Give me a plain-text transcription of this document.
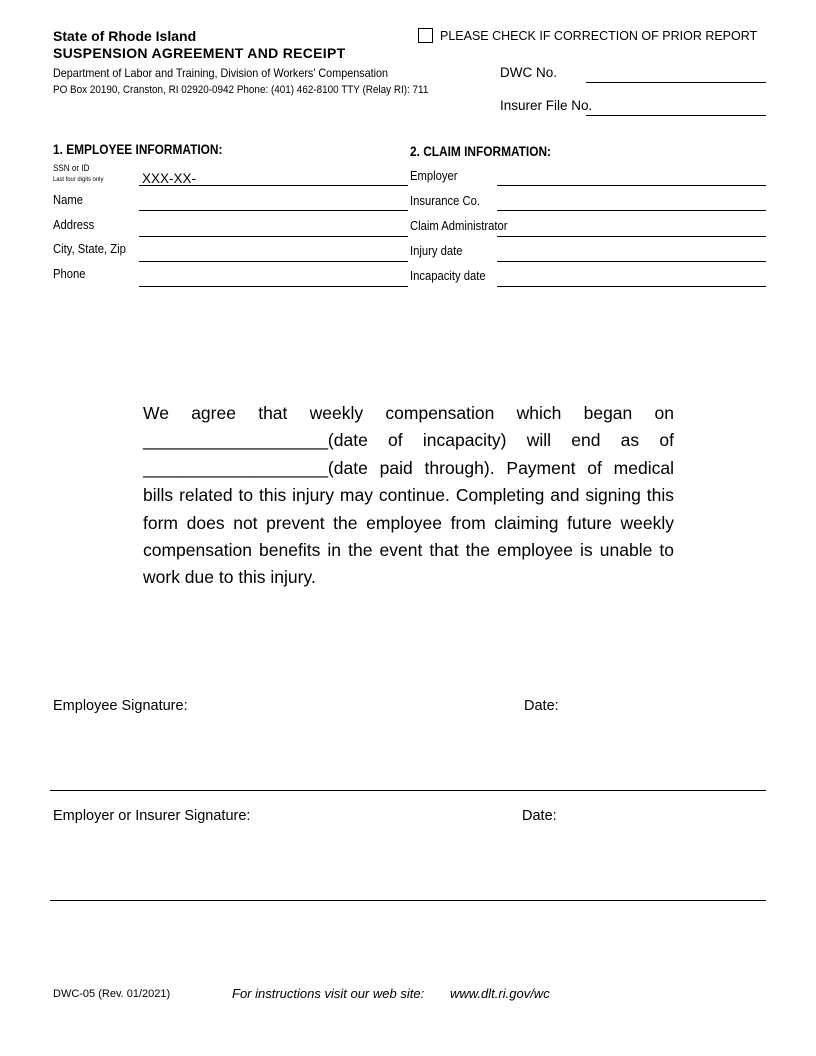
State of Rhode Island
SUSPENSION AGREEMENT AND RECEIPT
Department of Labor and Training, Division of Workers' Compensation
PO Box 20190, Cranston, RI 02920-0942 Phone: (401) 462-8100 TTY (Relay RI): 711
PLEASE CHECK IF CORRECTION OF PRIOR REPORT
DWC No.
Insurer File No.
1. EMPLOYEE INFORMATION:
SSN or ID
Last four digits only	XXX-XX-
Name
Address
City, State, Zip
Phone
2. CLAIM INFORMATION:
Employer
Insurance Co.
Claim Administrator
Injury date
Incapacity date
We agree that weekly compensation which began on ___________________(date of incapacity) will end as of ___________________(date paid through). Payment of medical bills related to this injury may continue. Completing and signing this form does not prevent the employee from claiming future weekly compensation benefits in the event that the employee is unable to work due to this injury.
Employee Signature:	Date:
Employer or Insurer Signature:	Date:
DWC-05 (Rev. 01/2021)	For instructions visit our web site: www.dlt.ri.gov/wc
